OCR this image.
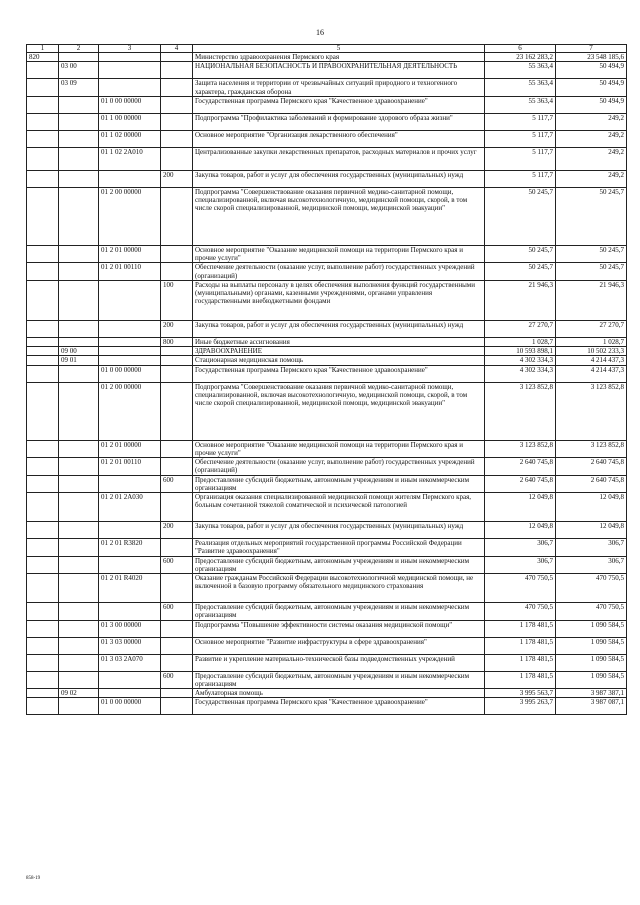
16
1	2	3	4	5	6	7
820				Министерство здравоохранения Пермского края	23 162 283,2	23 548 185,6
	03 00			НАЦИОНАЛЬНАЯ БЕЗОПАСНОСТЬ И ПРАВООХРАНИТЕЛЬНАЯ ДЕЯТЕЛЬНОСТЬ	55 363,4	50 494,9
	03 09			Защита населения и территории от чрезвычайных ситуаций природного и техногенного характера, гражданская оборона	55 363,4	50 494,9
		01 0 00 00000		Государственная программа Пермского края "Качественное здравоохранение"	55 363,4	50 494,9
		01 1 00 00000		Подпрограмма "Профилактика заболеваний и формирование здорового образа жизни"	5 117,7	249,2
		01 1 02 00000		Основное мероприятие "Организация лекарственного обеспечения"	5 117,7	249,2
		01 1 02 2А010		Централизованные закупки лекарственных препаратов, расходных материалов и прочих услуг	5 117,7	249,2
			200	Закупка товаров, работ и услуг для обеспечения государственных (муниципальных) нужд	5 117,7	249,2
		01 2 00 00000		Подпрограмма "Совершенствование оказания первичной медико-санитарной помощи, специализированной, включая высокотехнологичную, медицинской помощи, скорой, в том числе скорой специализированной, медицинской помощи, медицинской эвакуации"	50 245,7	50 245,7
		01 2 01 00000		Основное мероприятие "Оказание медицинской помощи на территории Пермского края и прочие услуги"	50 245,7	50 245,7
		01 2 01 00110		Обеспечение деятельности (оказание услуг, выполнение работ) государственных учреждений (организаций)	50 245,7	50 245,7
			100	Расходы на выплаты персоналу в целях обеспечения выполнения функций государственными (муниципальными) органами, казенными учреждениями, органами управления государственными внебюджетными фондами	21 946,3	21 946,3
			200	Закупка товаров, работ и услуг для обеспечения государственных (муниципальных) нужд	27 270,7	27 270,7
			800	Иные бюджетные ассигнования	1 028,7	1 028,7
	09 00			ЗДРАВООХРАНЕНИЕ	10 593 898,1	10 502 233,3
	09 01			Стационарная медицинская помощь	4 302 334,3	4 214 437,3
		01 0 00 00000		Государственная программа Пермского края "Качественное здравоохранение"	4 302 334,3	4 214 437,3
		01 2 00 00000		Подпрограмма "Совершенствование оказания первичной медико-санитарной помощи, специализированной, включая высокотехнологичную, медицинской помощи, скорой, в том числе скорой специализированной, медицинской помощи, медицинской эвакуации"	3 123 852,8	3 123 852,8
		01 2 01 00000		Основное мероприятие "Оказание медицинской помощи на территории Пермского края и прочие услуги"	3 123 852,8	3 123 852,8
		01 2 01 00110		Обеспечение деятельности (оказание услуг, выполнение работ) государственных учреждений (организаций)	2 640 745,8	2 640 745,8
			600	Предоставление субсидий бюджетным, автономным учреждениям и иным некоммерческим организациям	2 640 745,8	2 640 745,8
		01 2 01 2А030		Организация оказания специализированной медицинской помощи жителям Пермского края, больным сочетанной тяжелой соматической и психической патологией	12 049,8	12 049,8
			200	Закупка товаров, работ и услуг для обеспечения государственных (муниципальных) нужд	12 049,8	12 049,8
		01 2 01 R3820		Реализация отдельных мероприятий государственной программы Российской Федерации "Развитие здравоохранения"	306,7	306,7
			600	Предоставление субсидий бюджетным, автономным учреждениям и иным некоммерческим организациям	306,7	306,7
		01 2 01 R4020		Оказание гражданам Российской Федерации высокотехнологичной медицинской помощи, не включенной в базовую программу обязательного медицинского страхования	470 750,5	470 750,5
			600	Предоставление субсидий бюджетным, автономным учреждениям и иным некоммерческим организациям	470 750,5	470 750,5
		01 3 00 00000		Подпрограмма "Повышение эффективности системы оказания медицинской помощи"	1 178 481,5	1 090 584,5
		01 3 03 00000		Основное мероприятие "Развитие инфраструктуры в сфере здравоохранения"	1 178 481,5	1 090 584,5
		01 3 03 2А070		Развитие и укрепление материально-технической базы подведомственных учреждений	1 178 481,5	1 090 584,5
			600	Предоставление субсидий бюджетным, автономным учреждениям и иным некоммерческим организациям	1 178 481,5	1 090 584,5
	09 02			Амбулаторная помощь	3 995 563,7	3 987 387,1
		01 0 00 00000		Государственная программа Пермского края "Качественное здравоохранение"	3 995 263,7	3 987 087,1
858-19
